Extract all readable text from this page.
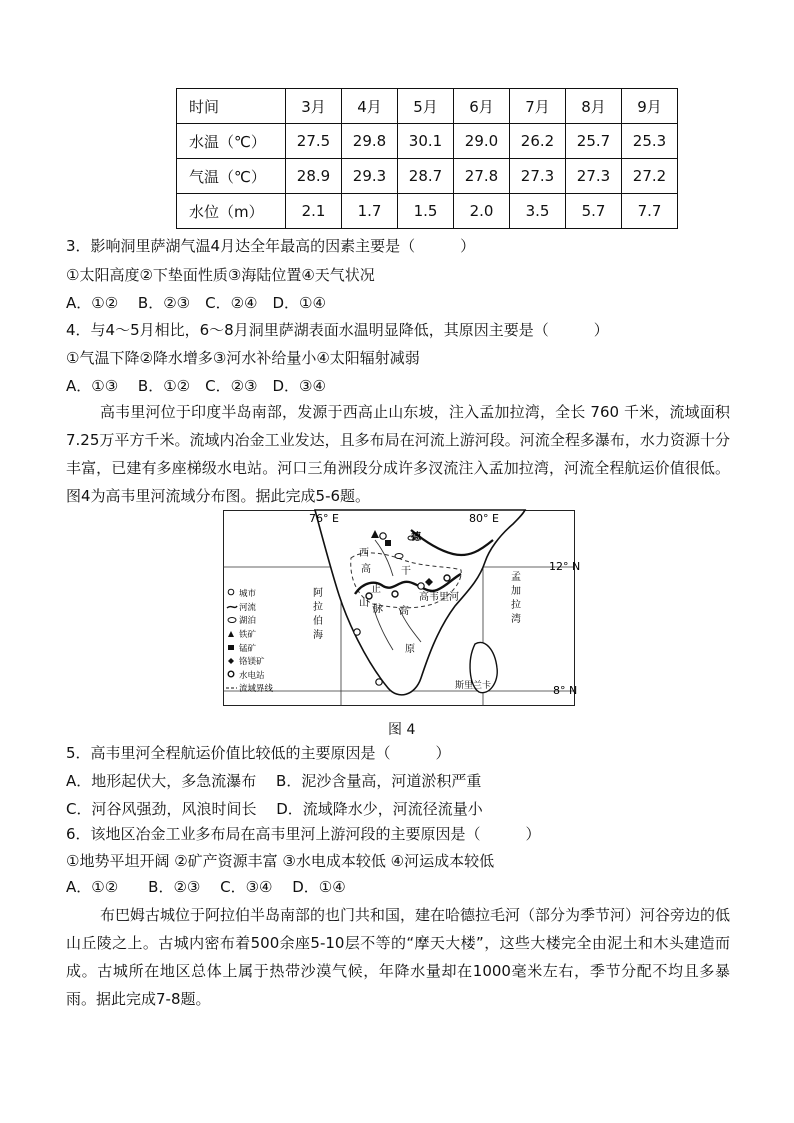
时间	3月	4月	5月	6月	7月	8月	9月
水温（℃）	27.5	29.8	30.1	29.0	26.2	25.7	25.3
气温（℃）	28.9	29.3	28.7	27.8	27.3	27.3	27.2
水位（m）	2.1	1.7	1.5	2.0	3.5	5.7	7.7
3．影响洞里萨湖气温4月达全年最高的因素主要是（　　　）
①太阳高度②下垫面性质③海陆位置④天气状况
A．①②　 B．②③　C．②④　D．①④
4．与4～5月相比，6～8月洞里萨湖表面水温明显降低，其原因主要是（　　　）
①气温下降②降水增多③河水补给量小④太阳辐射减弱
A．①③　 B．①②　C．②③　D．③④
高韦里河位于印度半岛南部，发源于西高止山东坡，注入孟加拉湾，全长 760 千米，流域面积7.25万平方千米。流域内冶金工业发达，且多布局在河流上游河段。河流全程多瀑布，水力资源十分丰富，已建有多座梯级水电站。河口三角洲段分成许多汊流注入孟加拉湾，河流全程航运价值很低。图4为高韦里河流域分布图。据此完成5-6题。
76° E	80° E
12° N
8° N
阿
拉
伯
海
孟
加
拉
湾
高韦里河
德
西
高
止
脉
山
高
原
干
斯里兰卡
城市
河流
湖泊
铁矿
锰矿
铬镁矿
水电站
流域界线
图 4
5．高韦里河全程航运价值比较低的主要原因是（　　　）
A．地形起伏大，多急流瀑布　 B．泥沙含量高，河道淤积严重
C．河谷风强劲，风浪时间长　 D．流域降水少，河流径流量小
6．该地区冶金工业多布局在高韦里河上游河段的主要原因是（　　　）
①地势平坦开阔 ②矿产资源丰富 ③水电成本较低 ④河运成本较低
A．①②　　B．②③　 C．③④　 D．①④
布巴姆古城位于阿拉伯半岛南部的也门共和国，建在哈德拉毛河（部分为季节河）河谷旁边的低山丘陵之上。古城内密布着500余座5-10层不等的“摩天大楼”，这些大楼完全由泥土和木头建造而成。古城所在地区总体上属于热带沙漠气候，年降水量却在1000毫米左右，季节分配不均且多暴雨。据此完成7-8题。
